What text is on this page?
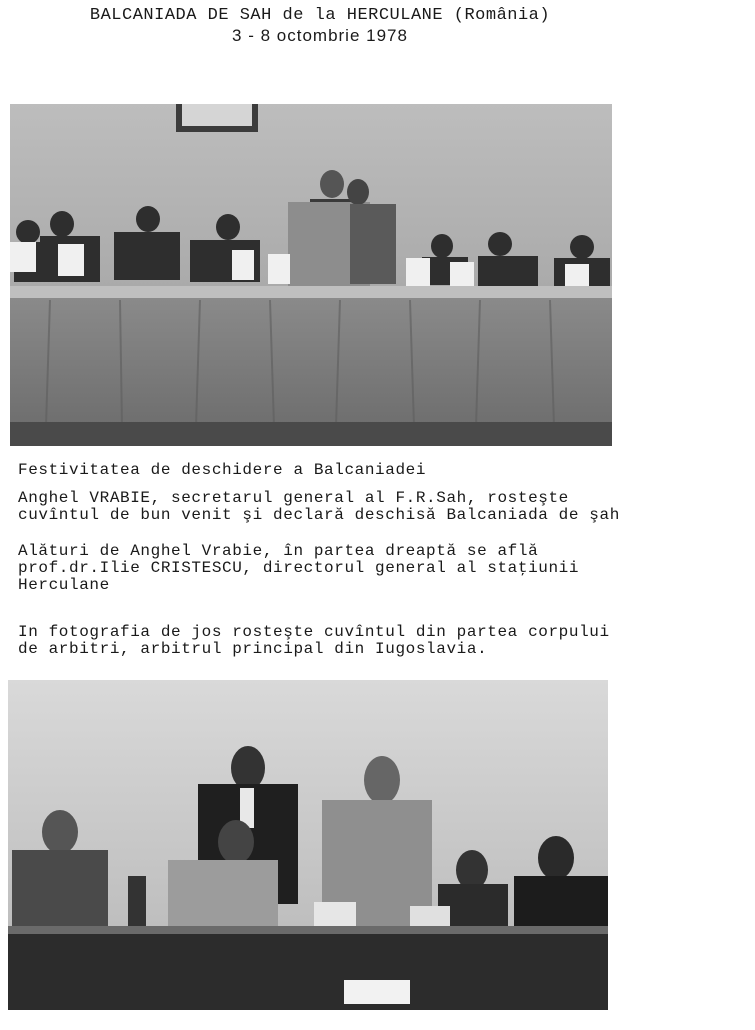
BALCANIADA DE SAH de la HERCULANE (România)
3 - 8 octombrie 1978
Festivitatea de deschidere a Balcaniadei
Anghel VRABIE, secretarul general al F.R.Sah, rosteşte
cuvîntul de bun venit şi declară deschisă Balcaniada de şah
Alături de Anghel Vrabie, în partea dreaptă se află
prof.dr.Ilie CRISTESCU, directorul general al staţiunii
Herculane
In fotografia de jos rosteşte cuvîntul din partea corpului
de arbitri, arbitrul principal din Iugoslavia.
